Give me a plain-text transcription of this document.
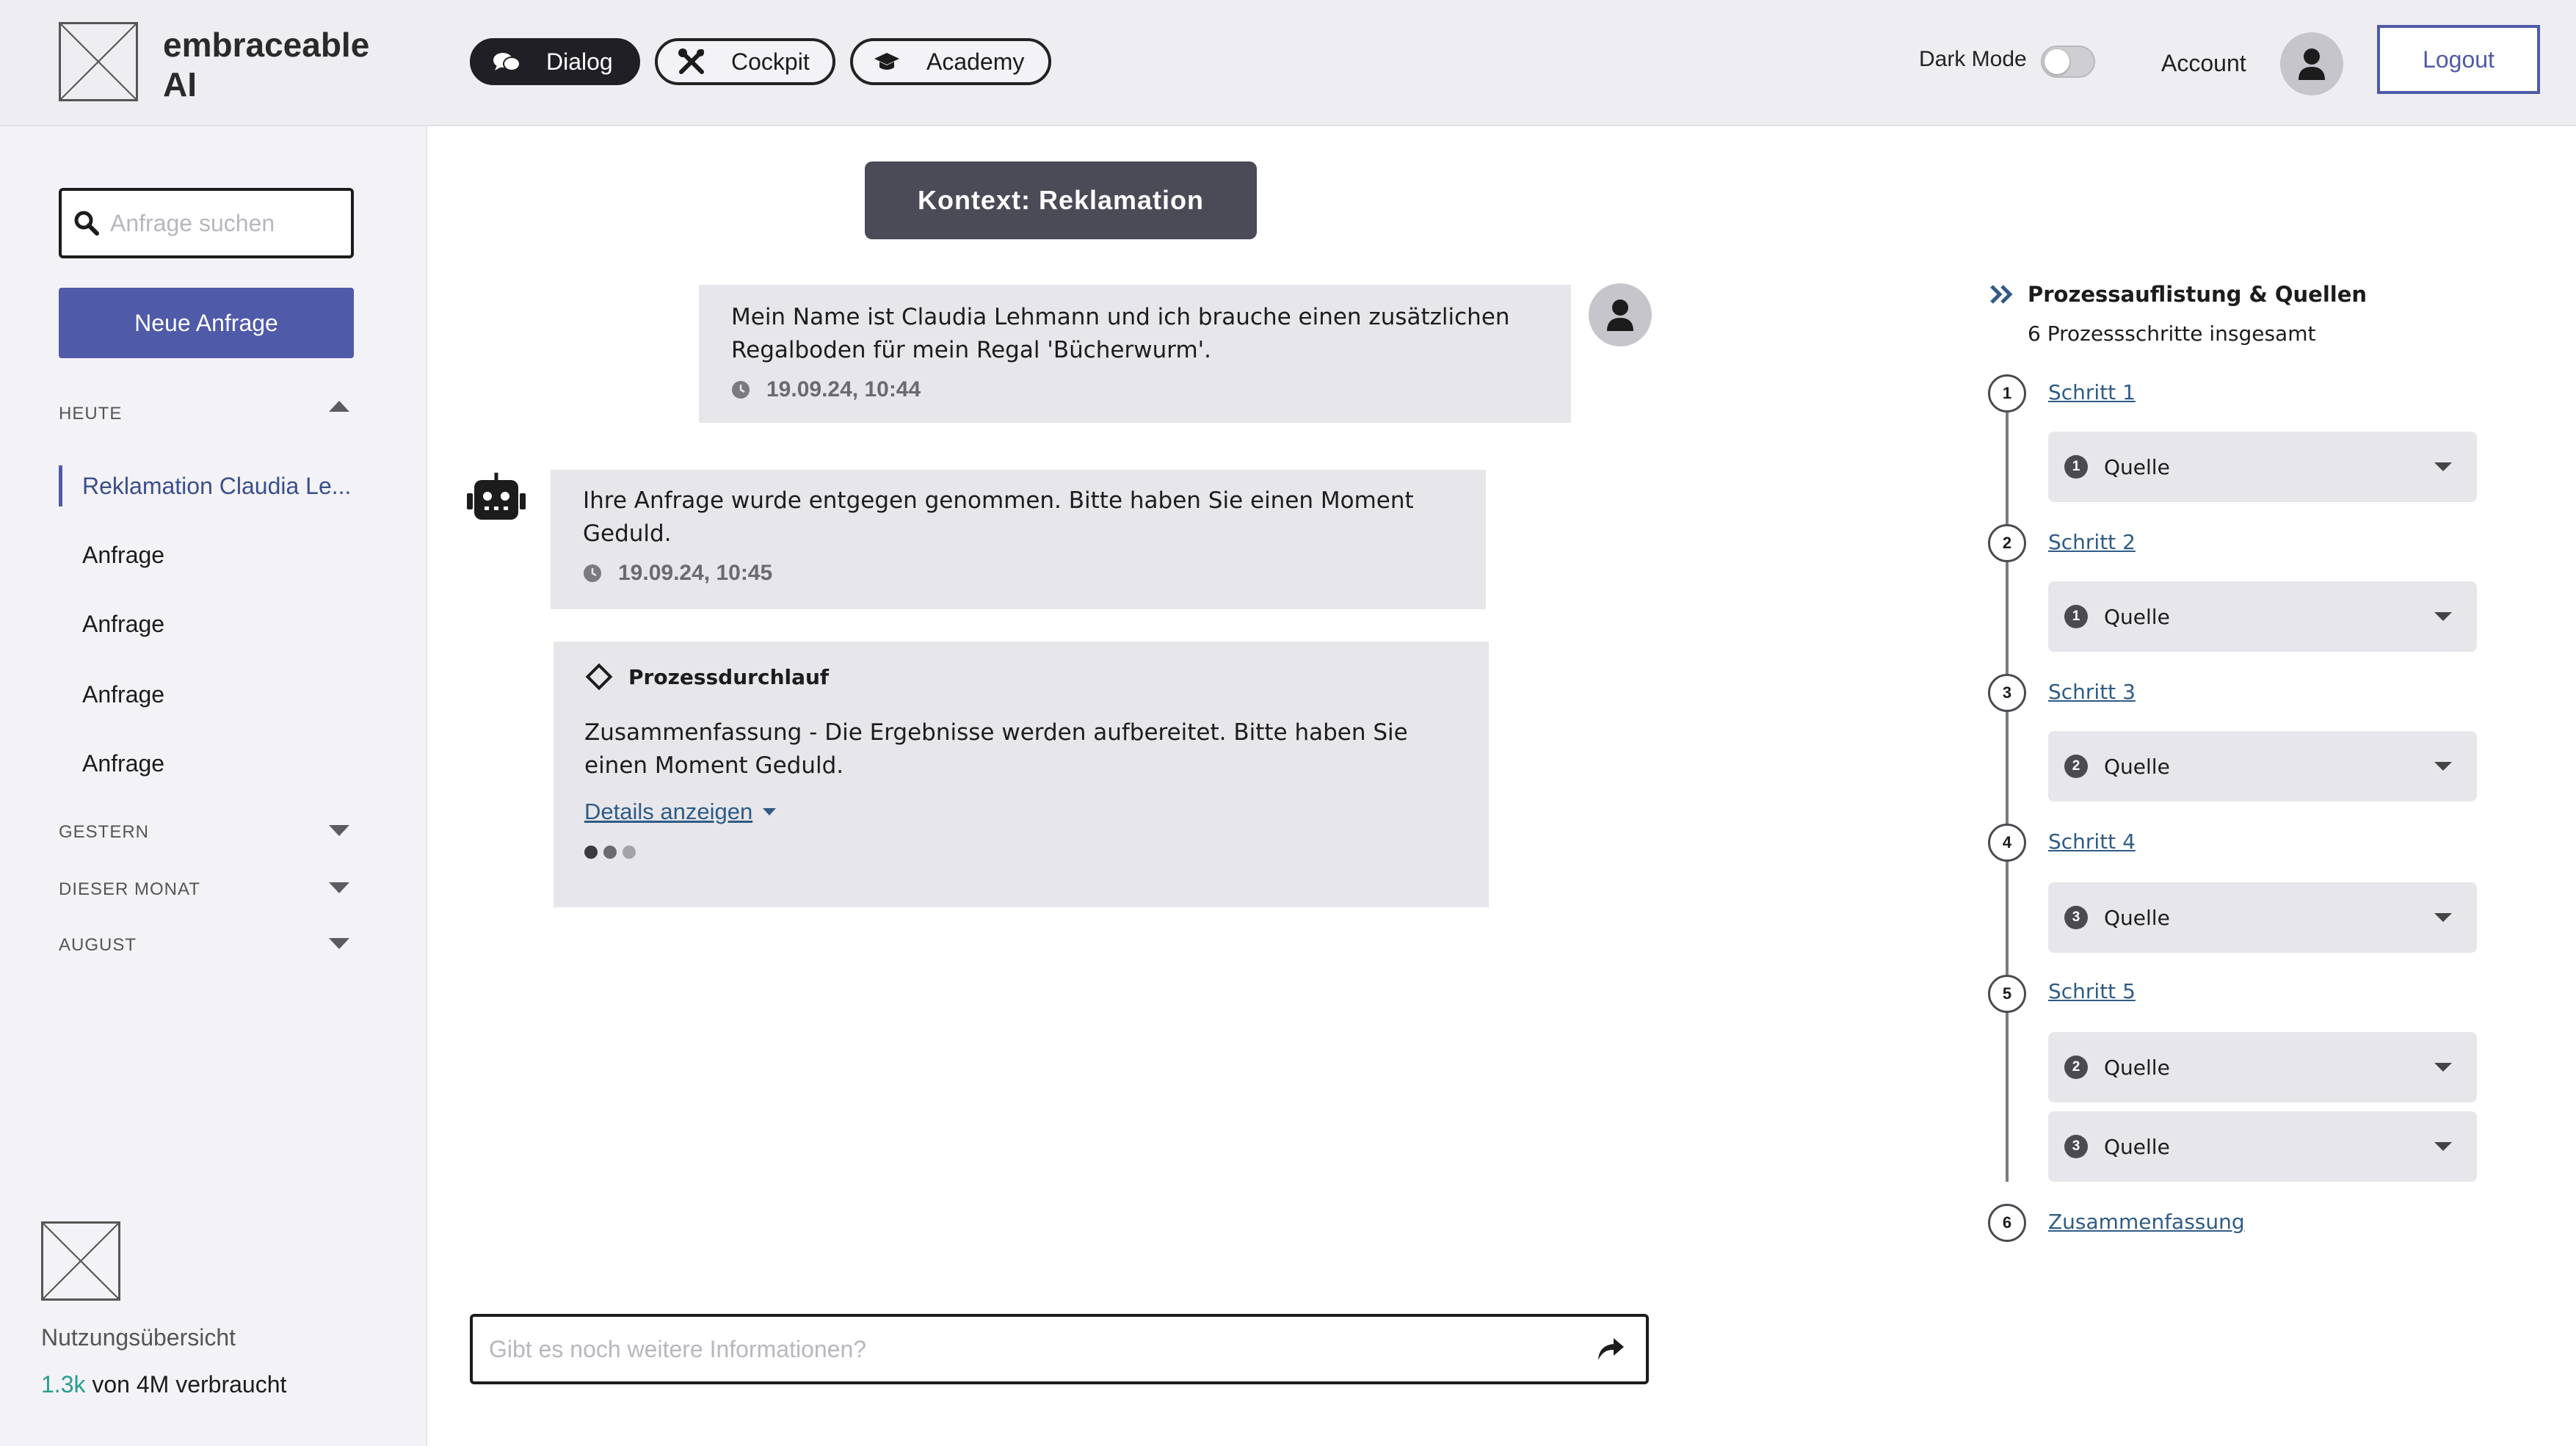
embraceable AI
Dialog	Cockpit	Academy	Dark Mode	Account	Logout
Anfrage suchen
Neue Anfrage
HEUTE
Reklamation Claudia Le...
Anfrage
Anfrage
Anfrage
Anfrage
GESTERN
DIESER MONAT
AUGUST
Nutzungsübersicht
1.3k von 4M verbraucht
Kontext: Reklamation
Mein Name ist Claudia Lehmann und ich brauche einen zusätzlichen Regalboden für mein Regal 'Bücherwurm'.
19.09.24, 10:44
Ihre Anfrage wurde entgegen genommen. Bitte haben Sie einen Moment Geduld.
19.09.24, 10:45
Prozessdurchlauf
Zusammenfassung - Die Ergebnisse werden aufbereitet. Bitte haben Sie einen Moment Geduld.
Details anzeigen
Gibt es noch weitere Informationen?
Prozessauflistung & Quellen
6 Prozessschritte insgesamt
1	Schritt 1
1	Quelle
2	Schritt 2
1	Quelle
3	Schritt 3
2	Quelle
4	Schritt 4
3	Quelle
5	Schritt 5
2	Quelle
3	Quelle
6	Zusammenfassung
